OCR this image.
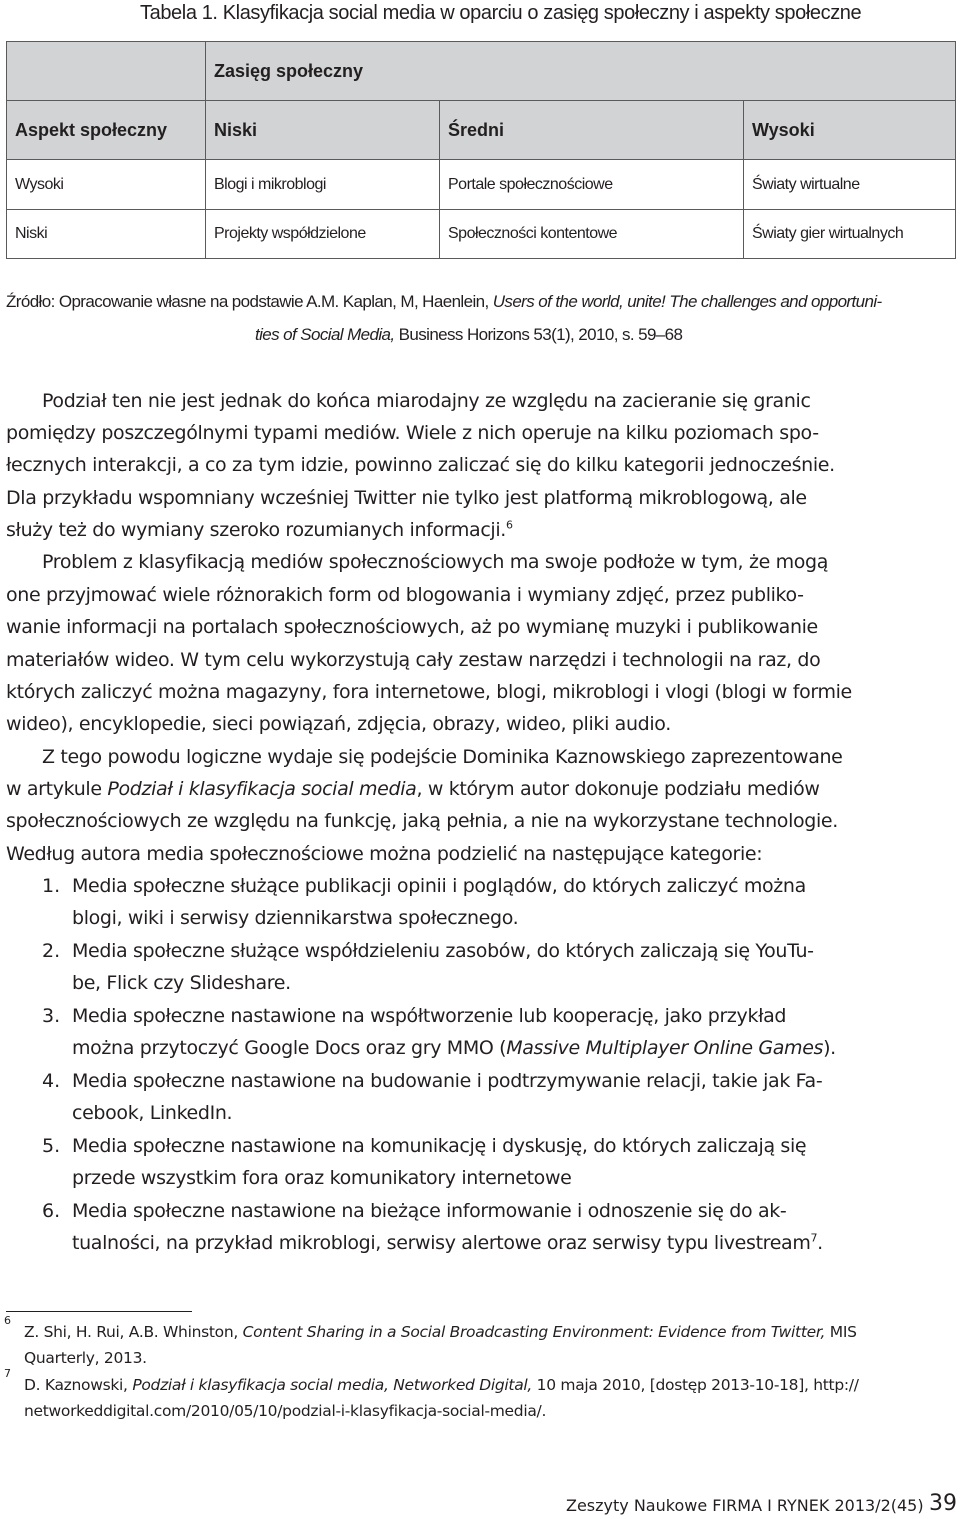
Tabela 1. Klasyfikacja social media w oparciu o zasięg społeczny i aspekty społeczne
Zasięg społeczny
Aspekt społeczny	Niski	Średni	Wysoki
Wysoki	Blogi i mikroblogi	Portale społecznościowe	Światy wirtualne
Niski	Projekty współdzielone	Społeczności kontentowe	Światy gier wirtualnych
Źródło: Opracowanie własne na podstawie A.M. Kaplan, M, Haenlein, Users of the world, unite! The challenges and opportuni-
ties of Social Media, Business Horizons 53(1), 2010, s. 59‒68
Podział ten nie jest jednak do końca miarodajny ze względu na zacieranie się granic
pomiędzy poszczególnymi typami mediów. Wiele z nich operuje na kilku poziomach spo-
łecznych interakcji, a co za tym idzie, powinno zaliczać się do kilku kategorii jednocześnie.
Dla przykładu wspomniany wcześniej Twitter nie tylko jest platformą mikroblogową, ale
służy też do wymiany szeroko rozumianych informacji.$^6$
Problem z klasyfikacją mediów społecznościowych ma swoje podłoże w tym, że mogą
one przyjmować wiele różnorakich form od blogowania i wymiany zdjęć, przez publiko-
wanie informacji na portalach społecznościowych, aż po wymianę muzyki i publikowanie
materiałów wideo. W tym celu wykorzystują cały zestaw narzędzi i technologii na raz, do
których zaliczyć można magazyny, fora internetowe, blogi, mikroblogi i vlogi (blogi w formie
wideo), encyklopedie, sieci powiązań, zdjęcia, obrazy, wideo, pliki audio.
Z tego powodu logiczne wydaje się podejście Dominika Kaznowskiego zaprezentowane
w artykule Podział i klasyfikacja social media, w którym autor dokonuje podziału mediów
społecznościowych ze względu na funkcję, jaką pełnia, a nie na wykorzystane technologie.
Według autora media społecznościowe można podzielić na następujące kategorie:
1. Media społeczne służące publikacji opinii i poglądów, do których zaliczyć można
blogi, wiki i serwisy dziennikarstwa społecznego.
2. Media społeczne służące współdzieleniu zasobów, do których zaliczają się YouTu-
be, Flick czy Slideshare.
3. Media społeczne nastawione na współtworzenie lub kooperację, jako przykład
można przytoczyć Google Docs oraz gry MMO (Massive Multiplayer Online Games).
4. Media społeczne nastawione na budowanie i podtrzymywanie relacji, takie jak Fa-
cebook, LinkedIn.
5. Media społeczne nastawione na komunikację i dyskusję, do których zaliczają się
przede wszystkim fora oraz komunikatory internetowe
6. Media społeczne nastawione na bieżące informowanie i odnoszenie się do ak-
tualności, na przykład mikroblogi, serwisy alertowe oraz serwisy typu livestream$^7$.
$^6$
Z. Shi, H. Rui, A.B. Whinston, Content Sharing in a Social Broadcasting Environment: Evidence from Twitter, MIS
Quarterly, 2013.
$^7$
D. Kaznowski, Podział i klasyfikacja social media, Networked Digital, 10 maja 2010, [dostęp 2013-10-18], http://
networkeddigital.com/2010/05/10/podzial-i-klasyfikacja-social-media/.
Zeszyty Naukowe FIRMA I RYNEK 2013/2(45) 39
